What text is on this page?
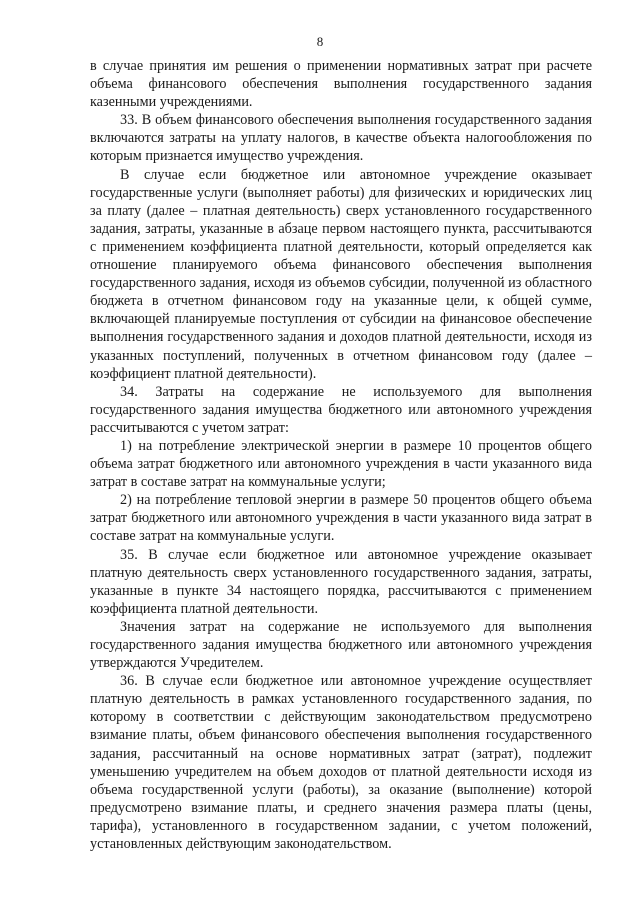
8

в случае принятия им решения о применении нормативных затрат при расчете объема финансового обеспечения выполнения государственного задания казенными учреждениями.

33. В объем финансового обеспечения выполнения государственного задания включаются затраты на уплату налогов, в качестве объекта налогообложения по которым признается имущество учреждения.

В случае если бюджетное или автономное учреждение оказывает государственные услуги (выполняет работы) для физических и юридических лиц за плату (далее – платная деятельность) сверх установленного государственного задания, затраты, указанные в абзаце первом настоящего пункта, рассчитываются с применением коэффициента платной деятельности, который определяется как отношение планируемого объема финансового обеспечения выполнения государственного задания, исходя из объемов субсидии, полученной из областного бюджета в отчетном финансовом году на указанные цели, к общей сумме, включающей планируемые поступления от субсидии на финансовое обеспечение выполнения государственного задания и доходов платной деятельности, исходя из указанных поступлений, полученных в отчетном финансовом году (далее – коэффициент платной деятельности).

34. Затраты на содержание не используемого для выполнения государственного задания имущества бюджетного или автономного учреждения рассчитываются с учетом затрат:

1) на потребление электрической энергии в размере 10 процентов общего объема затрат бюджетного или автономного учреждения в части указанного вида затрат в составе затрат на коммунальные услуги;

2) на потребление тепловой энергии в размере 50 процентов общего объема затрат бюджетного или автономного учреждения в части указанного вида затрат в составе затрат на коммунальные услуги.

35. В случае если бюджетное или автономное учреждение оказывает платную деятельность сверх установленного государственного задания, затраты, указанные в пункте 34 настоящего порядка, рассчитываются с применением коэффициента платной деятельности.

Значения затрат на содержание не используемого для выполнения государственного задания имущества бюджетного или автономного учреждения утверждаются Учредителем.

36. В случае если бюджетное или автономное учреждение осуществляет платную деятельность в рамках установленного государственного задания, по которому в соответствии с действующим законодательством предусмотрено взимание платы, объем финансового обеспечения выполнения государственного задания, рассчитанный на основе нормативных затрат (затрат), подлежит уменьшению учредителем на объем доходов от платной деятельности исходя из объема государственной услуги (работы), за оказание (выполнение) которой предусмотрено взимание платы, и среднего значения размера платы (цены, тарифа), установленного в государственном задании, с учетом положений, установленных действующим законодательством.
